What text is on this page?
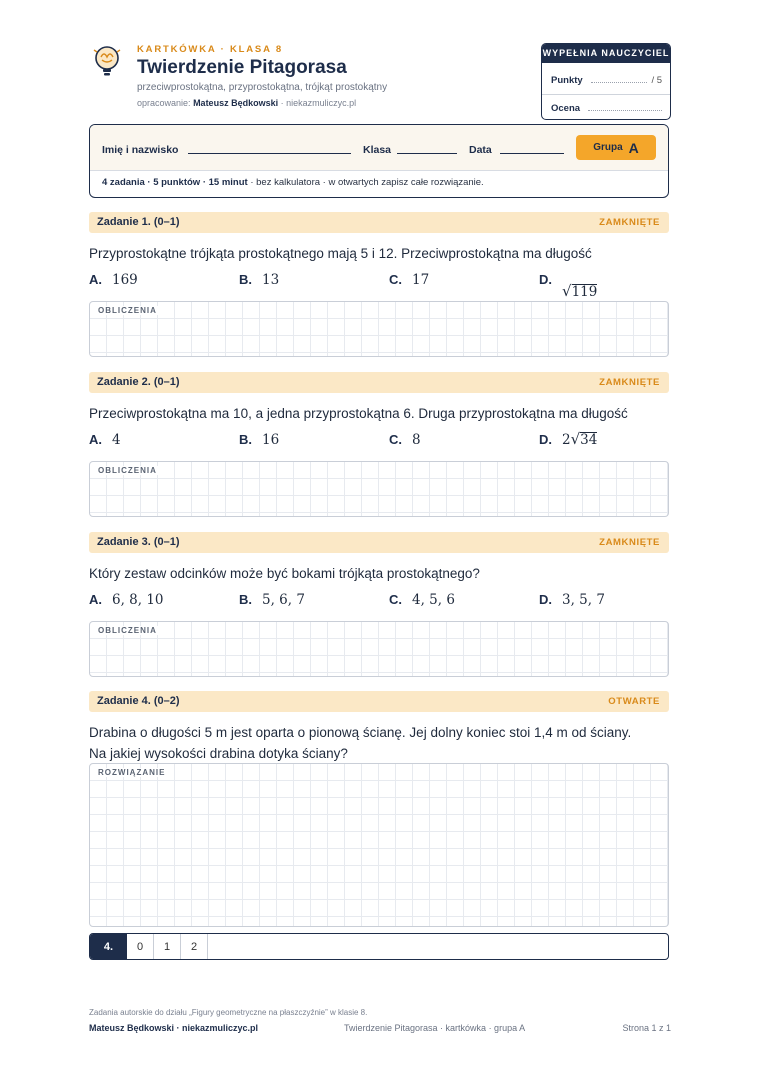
KARTKÓWKA · KLASA 8
Twierdzenie Pitagorasa
przeciwprostokątna, przyprostokątna, trójkąt prostokątny
opracowanie: Mateusz Będkowski · niekazmuliczyc.pl
WYPEŁNIA NAUCZYCIEL
Punkty	/ 5
Ocena
Imię i nazwisko	Klasa	Data	Grupa A
4 zadania · 5 punktów · 15 minut · bez kalkulatora · w otwartych zapisz całe rozwiązanie.
Zadanie 1. (0–1)	ZAMKNIĘTE
Przyprostokątne trójkąta prostokątnego mają 5 i 12. Przeciwprostokątna ma długość
A. 169	B. 13	C. 17	D.
√ 119
OBLICZENIA
Zadanie 2. (0–1)	ZAMKNIĘTE
Przeciwprostokątna ma 10, a jedna przyprostokątna 6. Druga przyprostokątna ma długość
A. 4	B. 16	C. 8	D. 2 √ 34
OBLICZENIA
Zadanie 3. (0–1)	ZAMKNIĘTE
Który zestaw odcinków może być bokami trójkąta prostokątnego?
A. 6, 8, 10	B. 5, 6, 7	C. 4, 5, 6	D. 3, 5, 7
OBLICZENIA
Zadanie 4. (0–2)	OTWARTE
Drabina o długości 5 m jest oparta o pionową ścianę. Jej dolny koniec stoi 1,4 m od ściany.
Na jakiej wysokości drabina dotyka ściany?
ROZWIĄZANIE
4.	0	1	2
Zadania autorskie do działu „Figury geometryczne na płaszczyźnie” w klasie 8.
Mateusz Będkowski · niekazmuliczyc.pl	Twierdzenie Pitagorasa · kartkówka · grupa A	Strona 1 z 1
